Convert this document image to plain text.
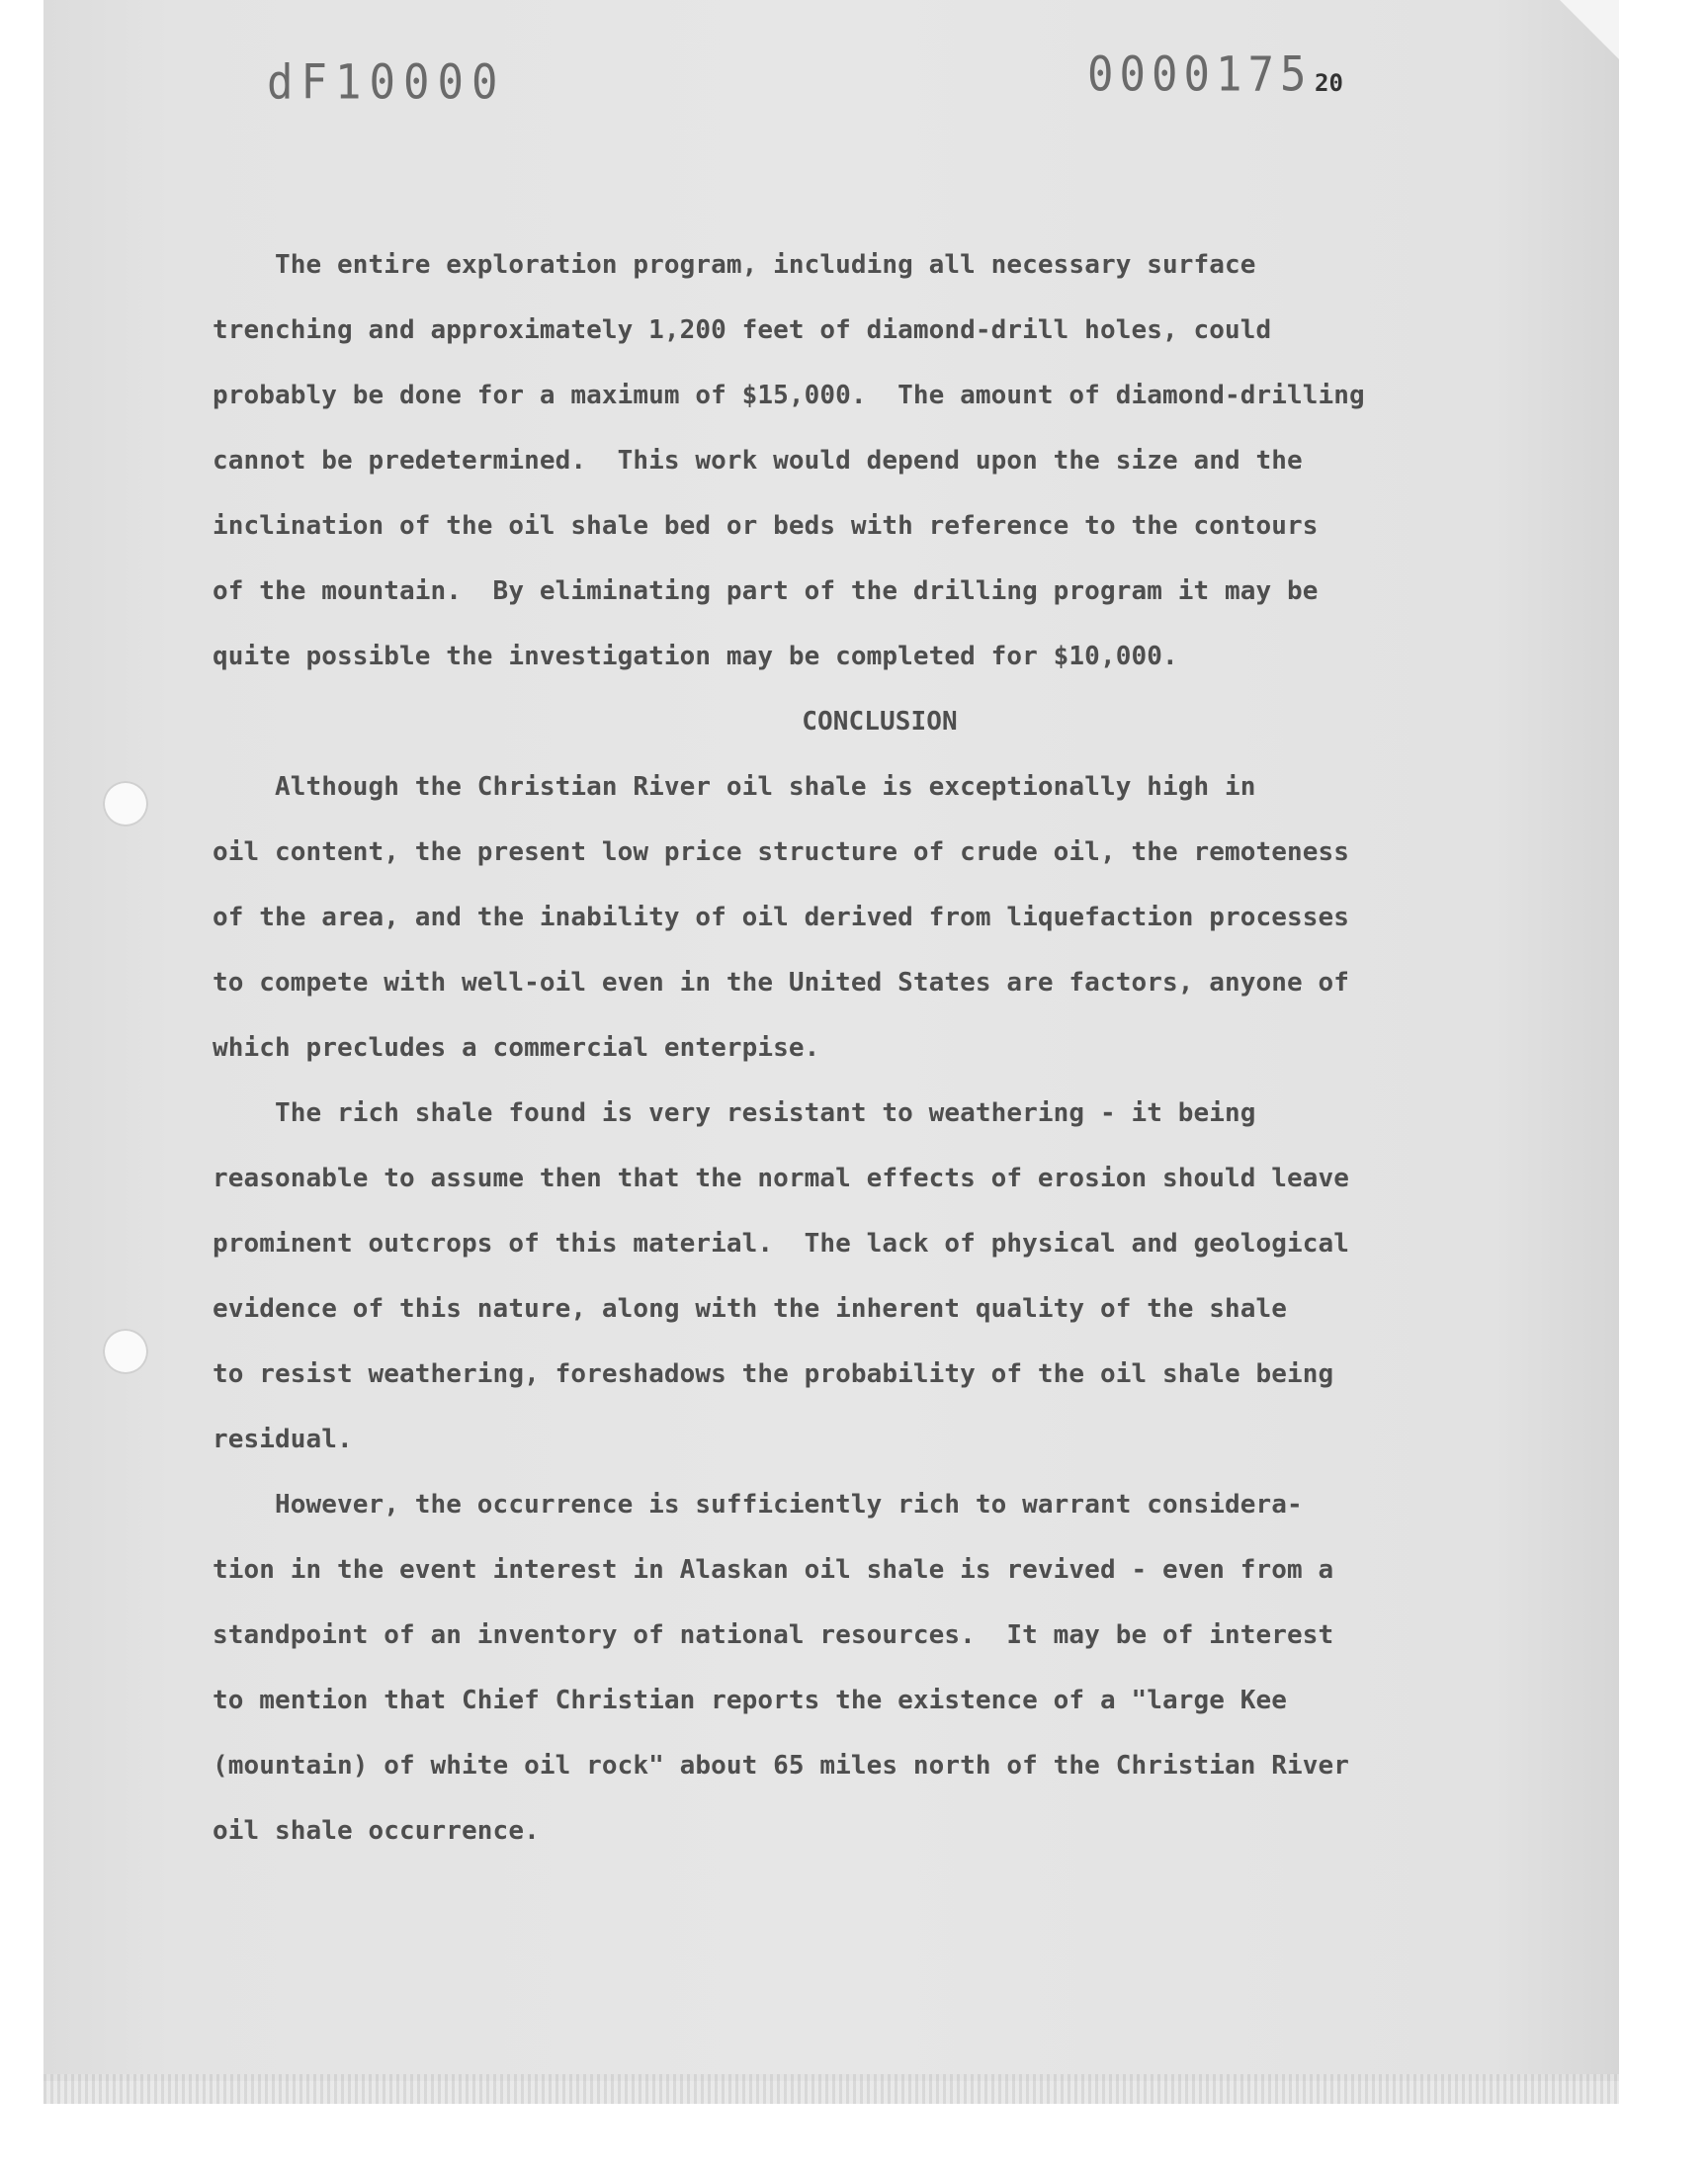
dF10000	0000175 20

The entire exploration program, including all necessary surface
trenching and approximately 1,200 feet of diamond-drill holes, could
probably be done for a maximum of $15,000.  The amount of diamond-drilling
cannot be predetermined.  This work would depend upon the size and the
inclination of the oil shale bed or beds with reference to the contours
of the mountain.  By eliminating part of the drilling program it may be
quite possible the investigation may be completed for $10,000.

CONCLUSION

Although the Christian River oil shale is exceptionally high in
oil content, the present low price structure of crude oil, the remoteness
of the area, and the inability of oil derived from liquefaction processes
to compete with well-oil even in the United States are factors, anyone of
which precludes a commercial enterpise.

The rich shale found is very resistant to weathering - it being
reasonable to assume then that the normal effects of erosion should leave
prominent outcrops of this material.  The lack of physical and geological
evidence of this nature, along with the inherent quality of the shale
to resist weathering, foreshadows the probability of the oil shale being
residual.

However, the occurrence is sufficiently rich to warrant considera-
tion in the event interest in Alaskan oil shale is revived - even from a
standpoint of an inventory of national resources.  It may be of interest
to mention that Chief Christian reports the existence of a "large Kee
(mountain) of white oil rock" about 65 miles north of the Christian River
oil shale occurrence.
